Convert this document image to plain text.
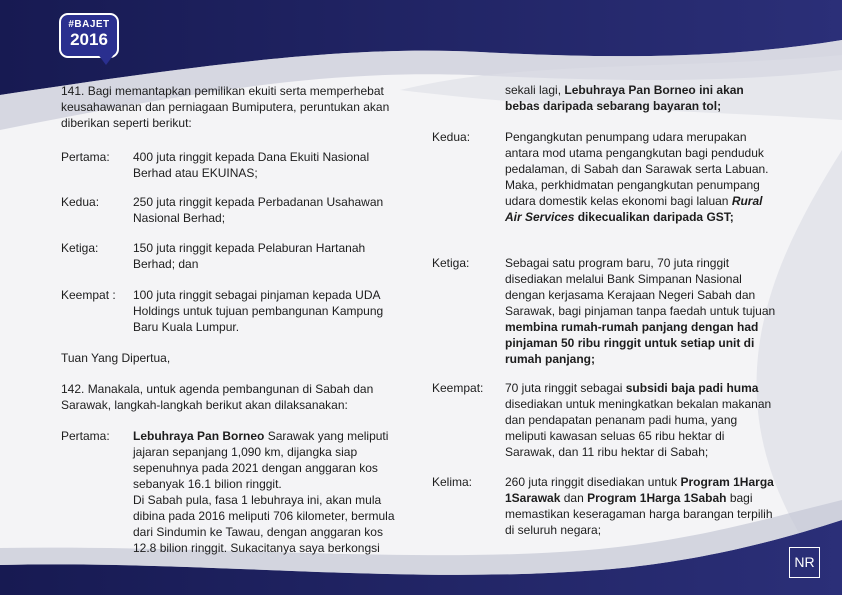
#BAJET
2016

141. Bagi memantapkan pemilikan ekuiti serta memperhebat keusahawanan dan perniagaan Bumiputera, peruntukan akan diberikan seperti berikut:

Pertama: 400 juta ringgit kepada Dana Ekuiti Nasional Berhad atau EKUINAS;

Kedua:	250 juta ringgit kepada Perbadanan Usahawan Nasional Berhad;

Ketiga:	150 juta ringgit kepada Pelaburan Hartanah Berhad; dan

Keempat : 100 juta ringgit sebagai pinjaman kepada UDA Holdings untuk tujuan pembangunan Kampung Baru Kuala Lumpur.

Tuan Yang Dipertua,

142. Manakala, untuk agenda pembangunan di Sabah dan Sarawak, langkah-langkah berikut akan dilaksanakan:

Pertama: Lebuhraya Pan Borneo Sarawak yang meliputi jajaran sepanjang 1,090 km, dijangka siap sepenuhnya pada 2021 dengan anggaran kos sebanyak 16.1 bilion ringgit.

Di Sabah pula, fasa 1 lebuhraya ini, akan mula dibina pada 2016 meliputi 706 kilometer, bermula dari Sindumin ke Tawau, dengan anggaran kos 12.8 bilion ringgit. Sukacitanya saya berkongsi

sekali lagi, Lebuhraya Pan Borneo ini akan bebas daripada sebarang bayaran tol;

Kedua:	Pengangkutan penumpang udara merupakan antara mod utama pengangkutan bagi penduduk pedalaman, di Sabah dan Sarawak serta Labuan. Maka, perkhidmatan pengangkutan penumpang udara domestik kelas ekonomi bagi laluan Rural Air Services dikecualikan daripada GST;

Ketiga:	Sebagai satu program baru, 70 juta ringgit disediakan melalui Bank Simpanan Nasional dengan kerjasama Kerajaan Negeri Sabah dan Sarawak, bagi pinjaman tanpa faedah untuk tujuan membina rumah-rumah panjang dengan had pinjaman 50 ribu ringgit untuk setiap unit di rumah panjang;

Keempat: 70 juta ringgit sebagai subsidi baja padi huma disediakan untuk meningkatkan bekalan makanan dan pendapatan penanam padi huma, yang meliputi kawasan seluas 65 ribu hektar di Sarawak, dan 11 ribu hektar di Sabah;

Kelima:	260 juta ringgit disediakan untuk Program 1Harga 1Sarawak dan Program 1Harga 1Sabah bagi memastikan keseragaman harga barangan terpilih di seluruh negara;

NR
